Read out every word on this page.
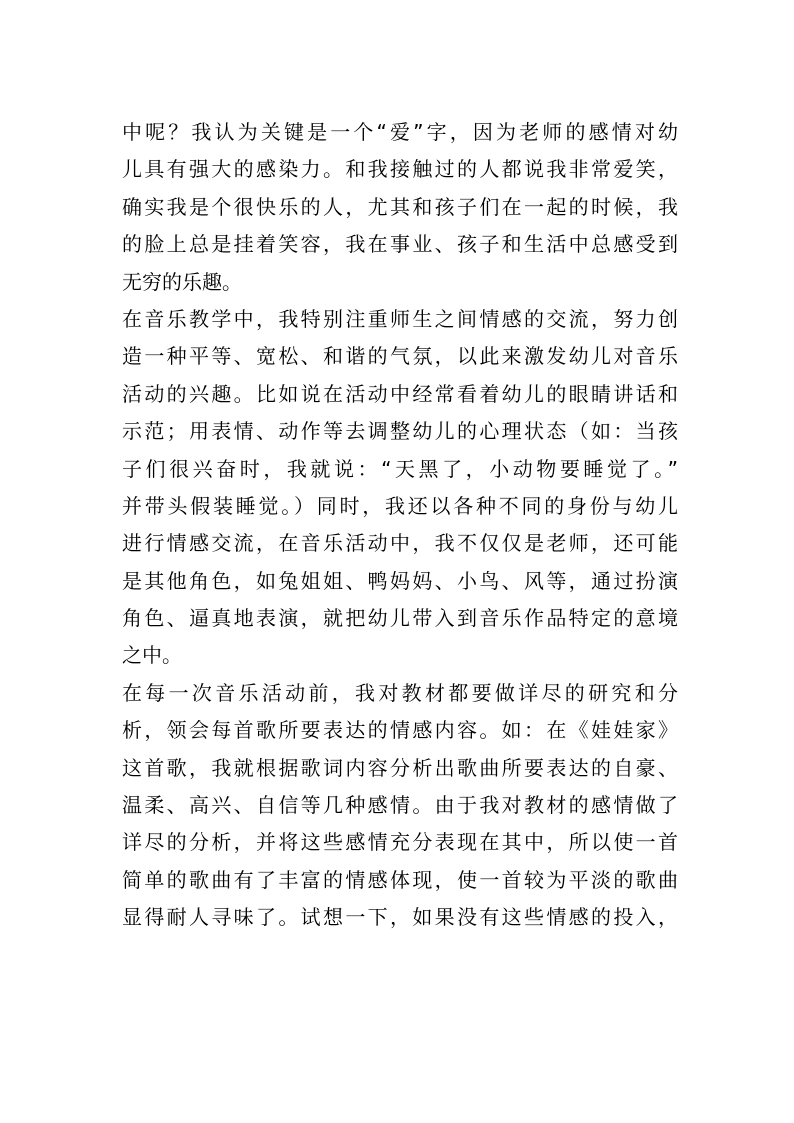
中呢？我认为关键是一个“爱”字，因为老师的感情对幼
儿具有强大的感染力。和我接触过的人都说我非常爱笑，
确实我是个很快乐的人，尤其和孩子们在一起的时候，我
的脸上总是挂着笑容，我在事业、孩子和生活中总感受到
无穷的乐趣。
在音乐教学中，我特别注重师生之间情感的交流，努力创
造一种平等、宽松、和谐的气氛，以此来激发幼儿对音乐
活动的兴趣。比如说在活动中经常看着幼儿的眼睛讲话和
示范；用表情、动作等去调整幼儿的心理状态（如：当孩
子们很兴奋时，我就说：“天黑了，小动物要睡觉了。”
并带头假装睡觉。）同时，我还以各种不同的身份与幼儿
进行情感交流，在音乐活动中，我不仅仅是老师，还可能
是其他角色，如兔姐姐、鸭妈妈、小鸟、风等，通过扮演
角色、逼真地表演，就把幼儿带入到音乐作品特定的意境
之中。
在每一次音乐活动前，我对教材都要做详尽的研究和分
析，领会每首歌所要表达的情感内容。如：在《娃娃家》
这首歌，我就根据歌词内容分析出歌曲所要表达的自豪、
温柔、高兴、自信等几种感情。由于我对教材的感情做了
详尽的分析，并将这些感情充分表现在其中，所以使一首
简单的歌曲有了丰富的情感体现，使一首较为平淡的歌曲
显得耐人寻味了。试想一下，如果没有这些情感的投入，
